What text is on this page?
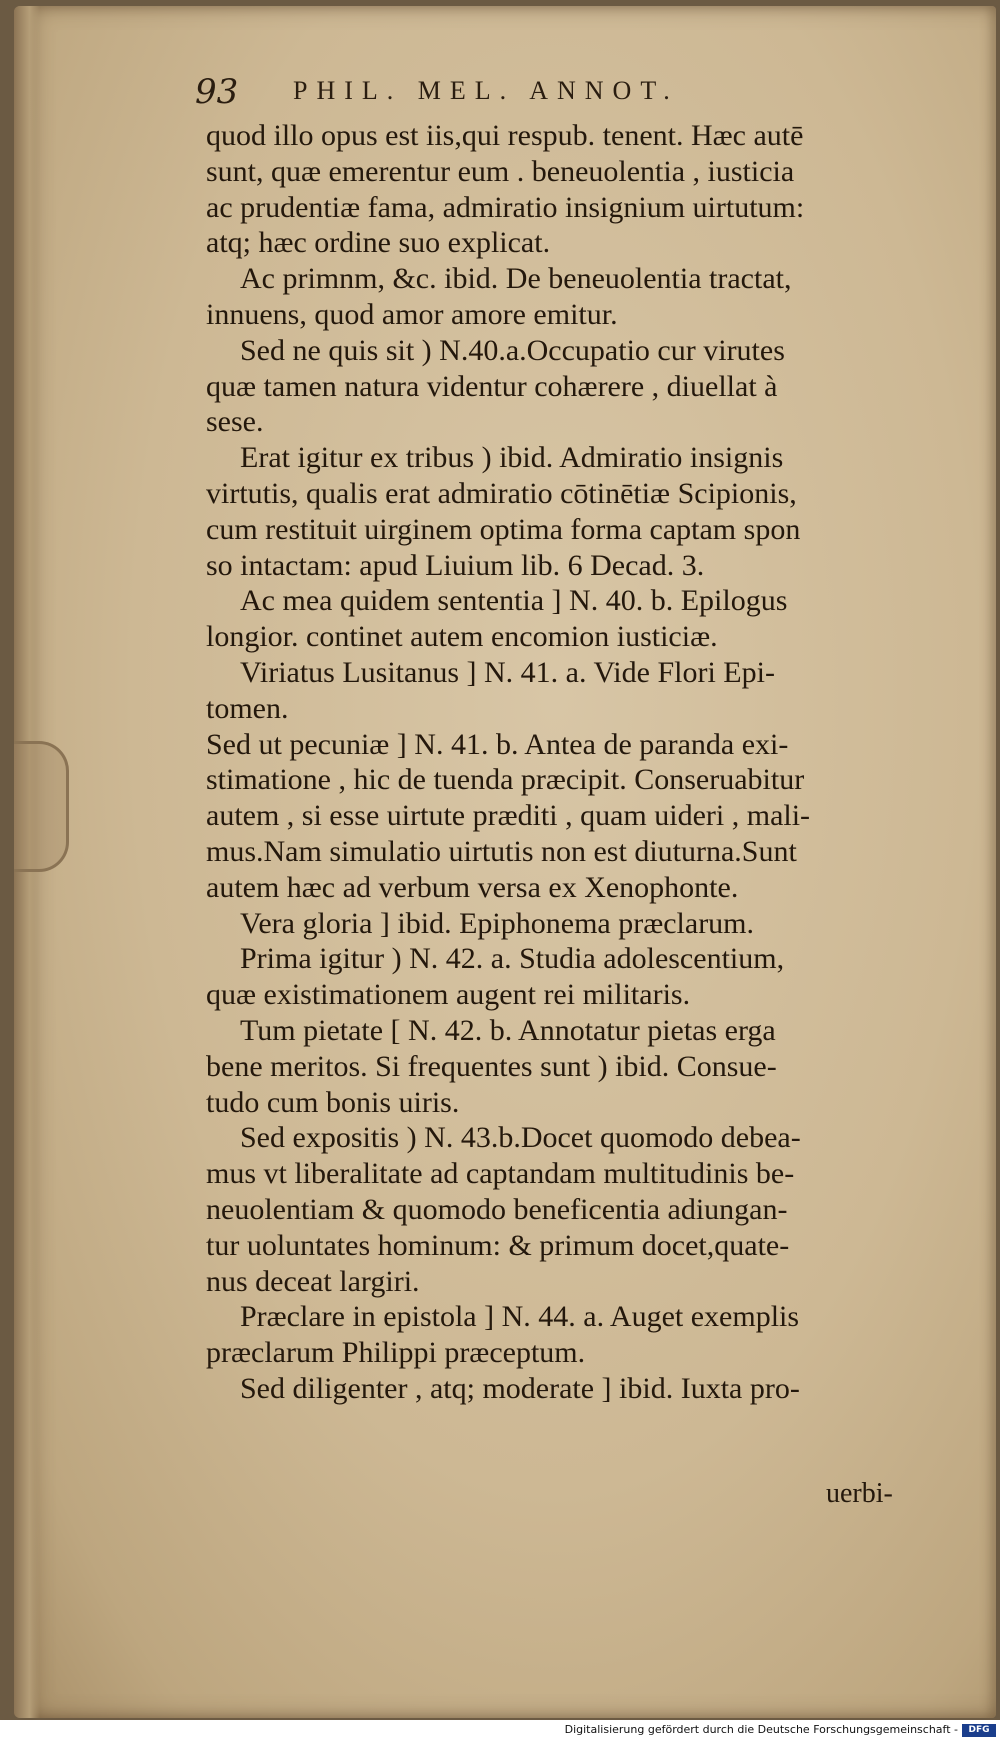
93 PHIL. MEL. ANNOT.
quod illo opus est iis,qui respub. tenent. Hæc autē
sunt, quæ emerentur eum . beneuolentia , iusticia
ac prudentiæ fama, admiratio insignium uirtutum:
atq; hæc ordine suo explicat.
Ac primnm, &c. ibid. De beneuolentia tractat,
innuens, quod amor amore emitur.
Sed ne quis sit ) N.40.a.Occupatio cur virutes
quæ tamen natura videntur cohærere , diuellat à
sese.
Erat igitur ex tribus ) ibid. Admiratio insignis
virtutis, qualis erat admiratio cōtinētiæ Scipionis,
cum restituit uirginem optima forma captam spon
so intactam: apud Liuium lib. 6 Decad. 3.
Ac mea quidem sententia ] N. 40. b. Epilogus
longior. continet autem encomion iusticiæ.
Viriatus Lusitanus ] N. 41. a. Vide Flori Epi-
tomen.
Sed ut pecuniæ ] N. 41. b. Antea de paranda exi-
stimatione , hic de tuenda præcipit. Conseruabitur
autem , si esse uirtute præditi , quam uideri , mali-
mus.Nam simulatio uirtutis non est diuturna.Sunt
autem hæc ad verbum versa ex Xenophonte.
Vera gloria ] ibid. Epiphonema præclarum.
Prima igitur ) N. 42. a. Studia adolescentium,
quæ existimationem augent rei militaris.
Tum pietate [ N. 42. b. Annotatur pietas erga
bene meritos. Si frequentes sunt ) ibid. Consue-
tudo cum bonis uiris.
Sed expositis ) N. 43.b.Docet quomodo debea-
mus vt liberalitate ad captandam multitudinis be-
neuolentiam & quomodo beneficentia adiungan-
tur uoluntates hominum: & primum docet,quate-
nus deceat largiri.
Præclare in epistola ] N. 44. a. Auget exemplis
præclarum Philippi præceptum.
Sed diligenter , atq; moderate ] ibid. Iuxta pro-
uerbi-
Digitalisierung gefördert durch die Deutsche Forschungsgemeinschaft -	DFG
